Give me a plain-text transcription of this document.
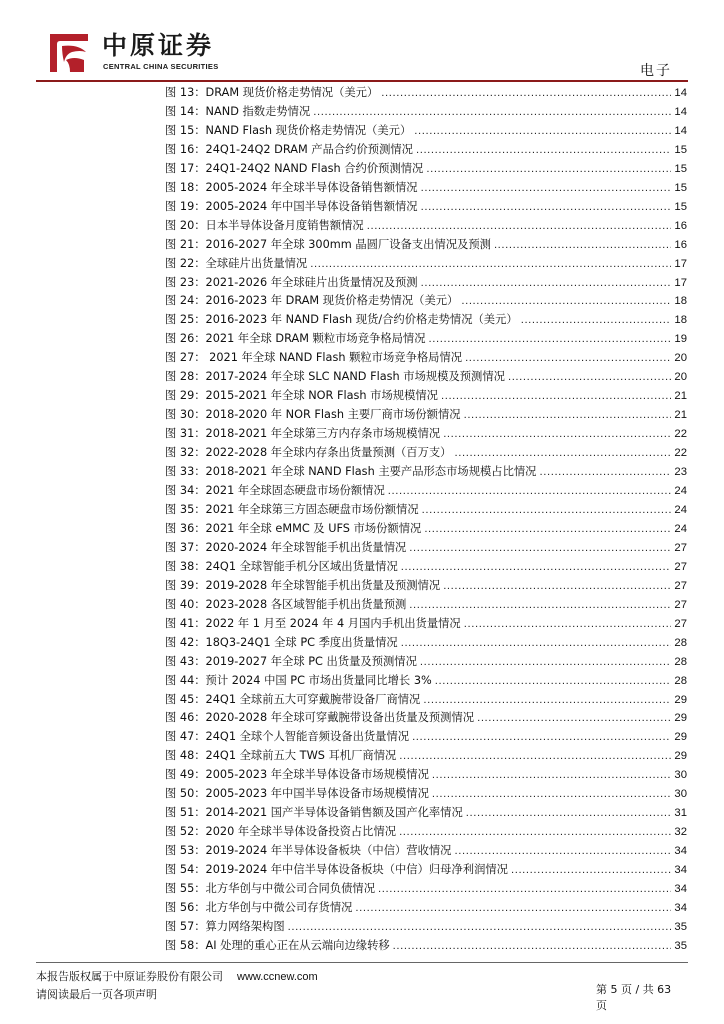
中原证券
CENTRAL CHINA SECURITIES	电子
图 13：DRAM 现货价格走势情况（美元） .....	14
图 14：NAND 指数走势情况 .....	14
图 15：NAND Flash 现货价格走势情况（美元） .....	14
图 16：24Q1-24Q2 DRAM 产品合约价预测情况 .....	15
图 17：24Q1-24Q2 NAND Flash 合约价预测情况 .....	15
图 18：2005-2024 年全球半导体设备销售额情况 .....	15
图 19：2005-2024 年中国半导体设备销售额情况 .....	15
图 20：日本半导体设备月度销售额情况 .....	16
图 21：2016-2027 年全球 300mm 晶圆厂设备支出情况及预测 .....	16
图 22：全球硅片出货量情况 .....	17
图 23：2021-2026 年全球硅片出货量情况及预测 .....	17
图 24：2016-2023 年 DRAM 现货价格走势情况（美元） .....	18
图 25：2016-2023 年 NAND Flash 现货/合约价格走势情况（美元） .....	18
图 26：2021 年全球 DRAM 颗粒市场竞争格局情况 .....	19
图 27： 2021 年全球 NAND Flash 颗粒市场竞争格局情况 .....	20
图 28：2017-2024 年全球 SLC NAND Flash 市场规模及预测情况 .....	20
图 29：2015-2021 年全球 NOR Flash 市场规模情况 .....	21
图 30：2018-2020 年 NOR Flash 主要厂商市场份额情况 .....	21
图 31：2018-2021 年全球第三方内存条市场规模情况 .....	22
图 32：2022-2028 年全球内存条出货量预测（百万支） .....	22
图 33：2018-2021 年全球 NAND Flash 主要产品形态市场规模占比情况 .....	23
图 34：2021 年全球固态硬盘市场份额情况 .....	24
图 35：2021 年全球第三方固态硬盘市场份额情况 .....	24
图 36：2021 年全球 eMMC 及 UFS 市场份额情况 .....	24
图 37：2020-2024 年全球智能手机出货量情况 .....	27
图 38：24Q1 全球智能手机分区域出货量情况 .....	27
图 39：2019-2028 年全球智能手机出货量及预测情况 .....	27
图 40：2023-2028 各区域智能手机出货量预测 .....	27
图 41：2022 年 1 月至 2024 年 4 月国内手机出货量情况 .....	27
图 42：18Q3-24Q1 全球 PC 季度出货量情况 .....	28
图 43：2019-2027 年全球 PC 出货量及预测情况 .....	28
图 44：预计 2024 中国 PC 市场出货量同比增长 3% .....	28
图 45：24Q1 全球前五大可穿戴腕带设备厂商情况 .....	29
图 46：2020-2028 年全球可穿戴腕带设备出货量及预测情况 .....	29
图 47：24Q1 全球个人智能音频设备出货量情况 .....	29
图 48：24Q1 全球前五大 TWS 耳机厂商情况 .....	29
图 49：2005-2023 年全球半导体设备市场规模情况 .....	30
图 50：2005-2023 年中国半导体设备市场规模情况 .....	30
图 51：2014-2021 国产半导体设备销售额及国产化率情况 .....	31
图 52：2020 年全球半导体设备投资占比情况 .....	32
图 53：2019-2024 年半导体设备板块（中信）营收情况 .....	34
图 54：2019-2024 年中信半导体设备板块（中信）归母净利润情况 .....	34
图 55：北方华创与中微公司合同负债情况 .....	34
图 56：北方华创与中微公司存货情况 .....	34
图 57：算力网络架构图 .....	35
图 58：AI 处理的重心正在从云端向边缘转移 .....	35
本报告版权属于中原证券股份有限公司 www.ccnew.com
请阅读最后一页各项声明	第 5 页 / 共 63
页
